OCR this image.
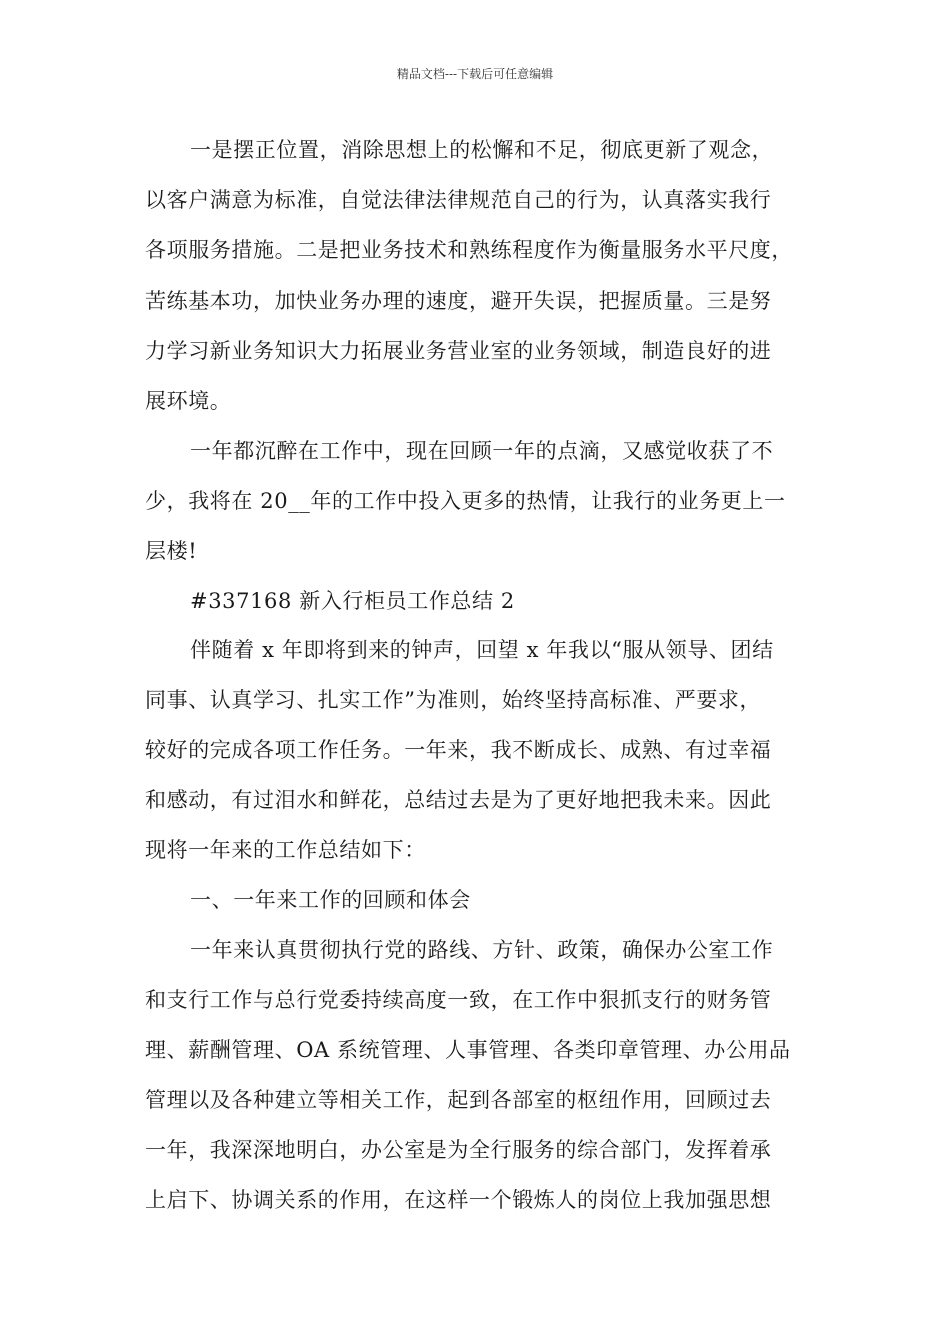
精品文档---下载后可任意编辑
一是摆正位置，消除思想上的松懈和不足，彻底更新了观念，
以客户满意为标准，自觉法律法律规范自己的行为，认真落实我行
各项服务措施。二是把业务技术和熟练程度作为衡量服务水平尺度，
苦练基本功，加快业务办理的速度，避开失误，把握质量。三是努
力学习新业务知识大力拓展业务营业室的业务领域，制造良好的进
展环境。
一年都沉醉在工作中，现在回顾一年的点滴，又感觉收获了不
少，我将在 20__年的工作中投入更多的热情，让我行的业务更上一
层楼!
#337168 新入行柜员工作总结 2
伴随着 x 年即将到来的钟声，回望 x 年我以“服从领导、团结
同事、认真学习、扎实工作”为准则，始终坚持高标准、严要求，
较好的完成各项工作任务。一年来，我不断成长、成熟、有过幸福
和感动，有过泪水和鲜花，总结过去是为了更好地把我未来。因此
现将一年来的工作总结如下：
一、一年来工作的回顾和体会
一年来认真贯彻执行党的路线、方针、政策，确保办公室工作
和支行工作与总行党委持续高度一致，在工作中狠抓支行的财务管
理、薪酬管理、OA 系统管理、人事管理、各类印章管理、办公用品
管理以及各种建立等相关工作，起到各部室的枢纽作用，回顾过去
一年，我深深地明白，办公室是为全行服务的综合部门，发挥着承
上启下、协调关系的作用，在这样一个锻炼人的岗位上我加强思想
